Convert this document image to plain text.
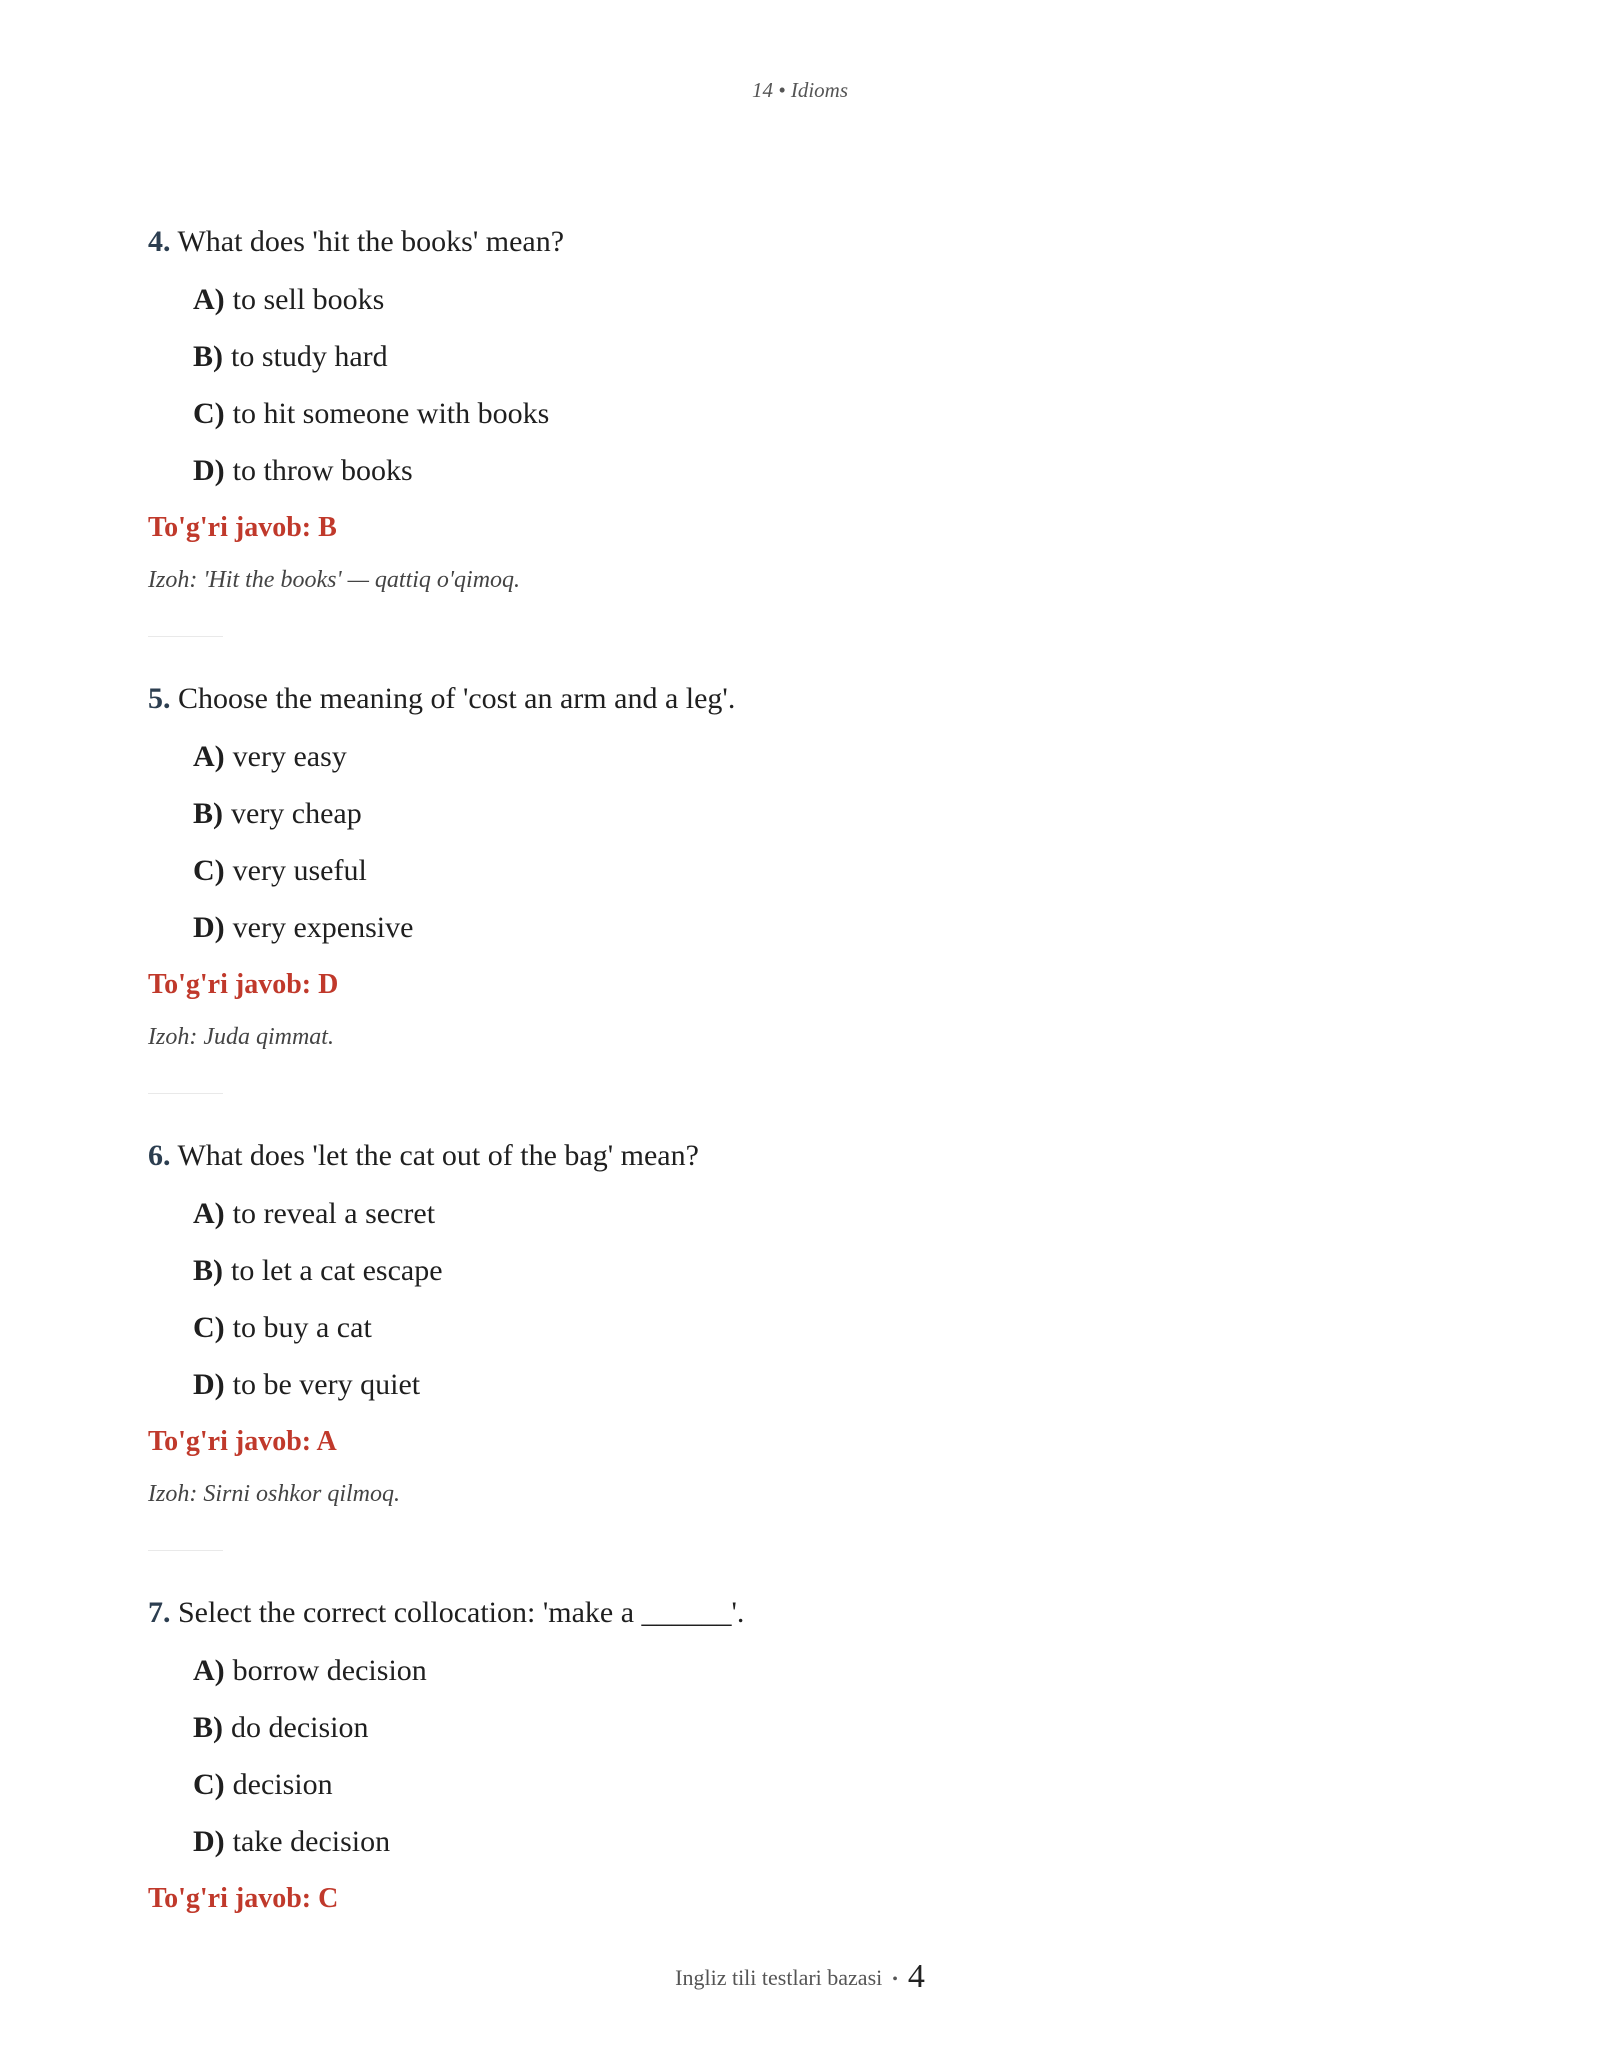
14 • Idioms

4. What does 'hit the books' mean?

A) to sell books
B) to study hard
C) to hit someone with books
D) to throw books

To'g'ri javob: B

Izoh: 'Hit the books' — qattiq o'qimoq.

5. Choose the meaning of 'cost an arm and a leg'.

A) very easy
B) very cheap
C) very useful
D) very expensive

To'g'ri javob: D

Izoh: Juda qimmat.

6. What does 'let the cat out of the bag' mean?

A) to reveal a secret
B) to let a cat escape
C) to buy a cat
D) to be very quiet

To'g'ri javob: A

Izoh: Sirni oshkor qilmoq.

7. Select the correct collocation: 'make a ______'.

A) borrow decision
B) do decision
C) decision
D) take decision

To'g'ri javob: C

Ingliz tili testlari bazasi • 4
